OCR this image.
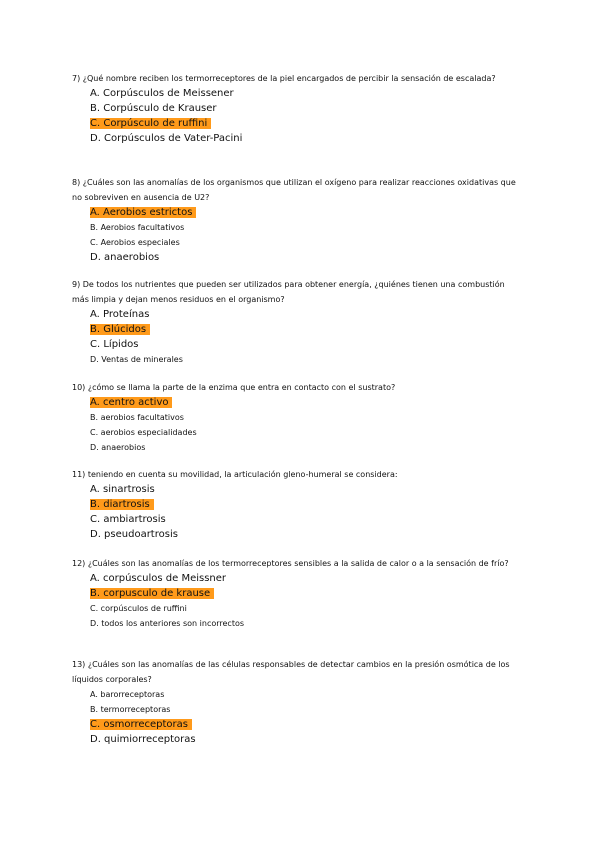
7) ¿Qué nombre reciben los termorreceptores de la piel encargados de percibir la sensación de escalada?

A. Corpúsculos de Meissener
B. Corpúsculo de Krauser
C. Corpúsculo de ruffini
D. Corpúsculos de Vater-Pacini

8) ¿Cuáles son las anomalías de los organismos que utilizan el oxígeno para realizar reacciones oxidativas que no sobreviven en ausencia de U2?

A. Aerobios estrictos
B. Aerobios facultativos
C. Aerobios especiales
D. anaerobios

9) De todos los nutrientes que pueden ser utilizados para obtener energía, ¿quiénes tienen una combustión más limpia y dejan menos residuos en el organismo?

A. Proteínas
B. Glúcidos
C. Lípidos
D. Ventas de minerales

10) ¿cómo se llama la parte de la enzima que entra en contacto con el sustrato?

A. centro activo
B. aerobios facultativos
C. aerobios especialidades
D. anaerobios

11) teniendo en cuenta su movilidad, la articulación gleno-humeral se considera:

A. sinartrosis
B. diartrosis
C. ambiartrosis
D. pseudoartrosis

12) ¿Cuáles son las anomalías de los termorreceptores sensibles a la salida de calor o a la sensación de frío?

A. corpúsculos de Meissner
B. corpusculo de krause
C. corpúsculos de ruffini
D. todos los anteriores son incorrectos

13) ¿Cuáles son las anomalías de las células responsables de detectar cambios en la presión osmótica de los líquidos corporales?

A. barorreceptoras
B. termorreceptoras
C. osmorreceptoras
D. quimiorreceptoras
